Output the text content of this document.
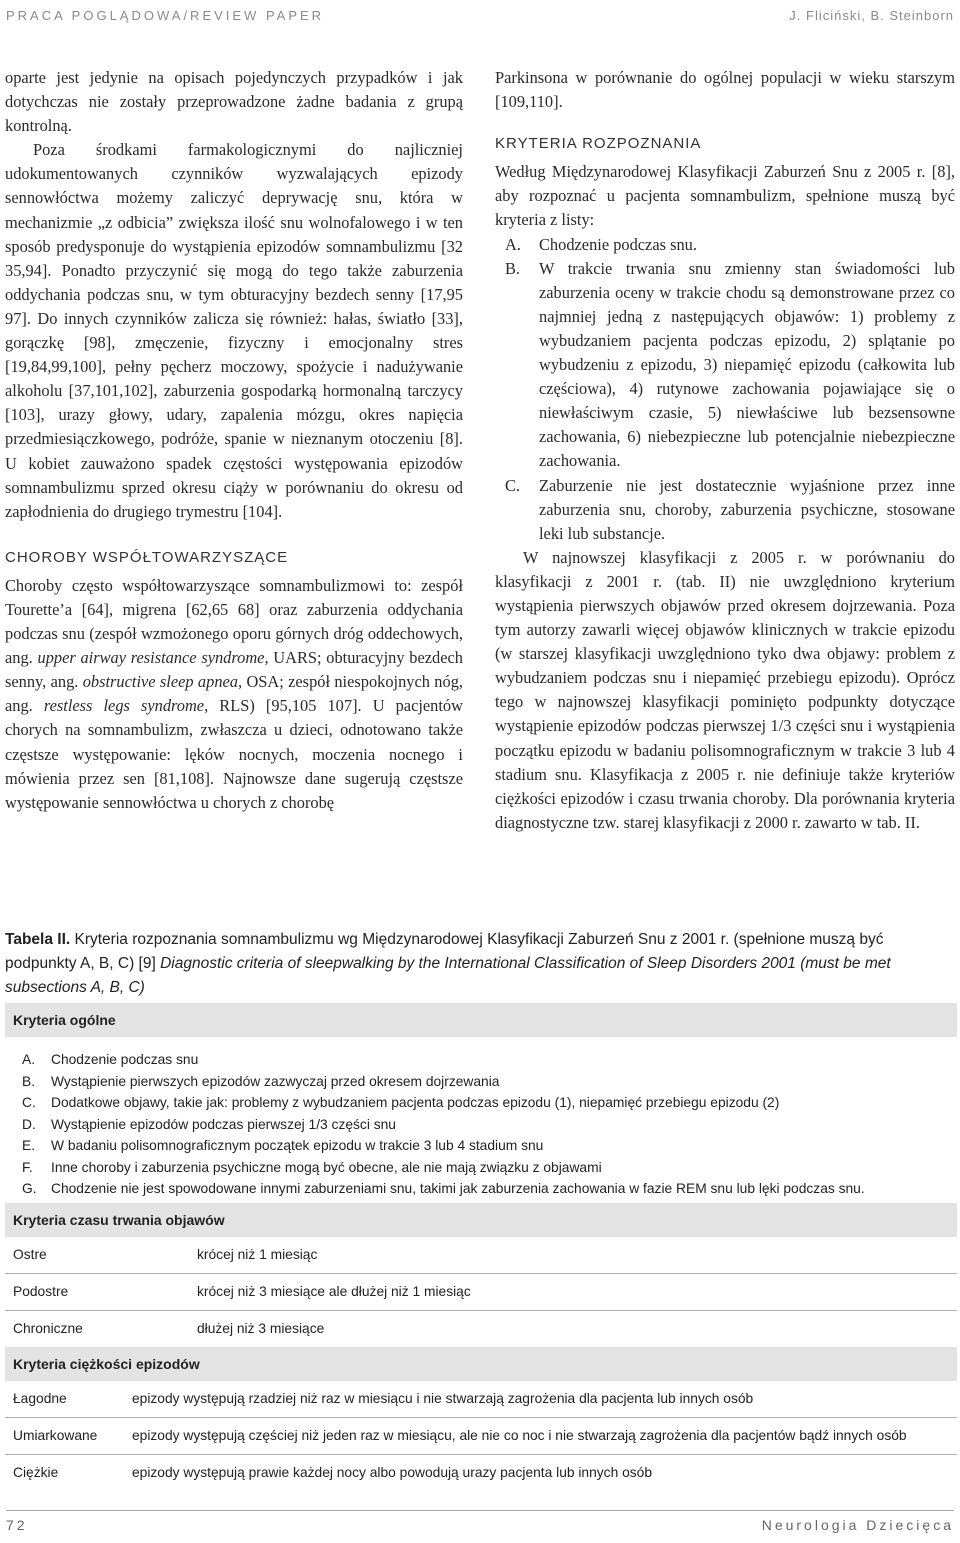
PRACA POGLĄDOWA/REVIEW PAPER	J. Fliciński, B. Steinborn

oparte jest jedynie na opisach pojedynczych przypadków i jak dotychczas nie zostały przeprowadzone żadne badania z grupą kontrolną.

Poza środkami farmakologicznymi do najliczniej udokumentowanych czynników wyzwalających epizody sennowłóctwa możemy zaliczyć deprywację snu, która w mechanizmie „z odbicia” zwiększa ilość snu wolnofalowego i w ten sposób predysponuje do wystąpienia epizodów somnambulizmu [32 35,94]. Ponadto przyczynić się mogą do tego także zaburzenia oddychania podczas snu, w tym obturacyjny bezdech senny [17,95 97]. Do innych czynników zalicza się również: hałas, światło [33], gorączkę [98], zmęczenie, fizyczny i emocjonalny stres [19,84,99,100], pełny pęcherz moczowy, spożycie i nadużywanie alkoholu [37,101,102], zaburzenia gospodarką hormonalną tarczycy [103], urazy głowy, udary, zapalenia mózgu, okres napięcia przedmiesiączkowego, podróże, spanie w nieznanym otoczeniu [8]. U kobiet zauważono spadek częstości występowania epizodów somnambulizmu sprzed okresu ciąży w porównaniu do okresu od zapłodnienia do drugiego trymestru [104].

CHOROBY WSPÓŁTOWARZYSZĄCE

Choroby często współtowarzyszące somnambulizmowi to: zespół Tourette’a [64], migrena [62,65 68] oraz zaburzenia oddychania podczas snu (zespół wzmożonego oporu górnych dróg oddechowych, ang. upper airway resistance syndrome, UARS; obturacyjny bezdech senny, ang. obstructive sleep apnea, OSA; zespół niespokojnych nóg, ang. restless legs syndrome, RLS) [95,105 107]. U pacjentów chorych na somnambulizm, zwłaszcza u dzieci, odnotowano także częstsze występowanie: lęków nocnych, moczenia nocnego i mówienia przez sen [81,108]. Najnowsze dane sugerują częstsze występowanie sennowłóctwa u chorych z chorobę

Parkinsona w porównanie do ogólnej populacji w wieku starszym [109,110].

KRYTERIA ROZPOZNANIA

Według Międzynarodowej Klasyfikacji Zaburzeń Snu z 2005 r. [8], aby rozpoznać u pacjenta somnambulizm, spełnione muszą być kryteria z listy:

A. Chodzenie podczas snu.
B. W trakcie trwania snu zmienny stan świadomości lub zaburzenia oceny w trakcie chodu są demonstrowane przez co najmniej jedną z następujących objawów: 1) problemy z wybudzaniem pacjenta podczas epizodu, 2) splątanie po wybudzeniu z epizodu, 3) niepamięć epizodu (całkowita lub częściowa), 4) rutynowe zachowania pojawiające się o niewłaściwym czasie, 5) niewłaściwe lub bezsensowne zachowania, 6) niebezpieczne lub potencjalnie niebezpieczne zachowania.
C. Zaburzenie nie jest dostatecznie wyjaśnione przez inne zaburzenia snu, choroby, zaburzenia psychiczne, stosowane leki lub substancje.

W najnowszej klasyfikacji z 2005 r. w porównaniu do klasyfikacji z 2001 r. (tab. II) nie uwzględniono kryterium wystąpienia pierwszych objawów przed okresem dojrzewania. Poza tym autorzy zawarli więcej objawów klinicznych w trakcie epizodu (w starszej klasyfikacji uwzględniono tyko dwa objawy: problem z wybudzaniem podczas snu i niepamięć przebiegu epizodu). Oprócz tego w najnowszej klasyfikacji pominięto podpunkty dotyczące wystąpienie epizodów podczas pierwszej 1/3 części snu i wystąpienia początku epizodu w badaniu polisomnograficznym w trakcie 3 lub 4 stadium snu. Klasyfikacja z 2005 r. nie definiuje także kryteriów ciężkości epizodów i czasu trwania choroby. Dla porównania kryteria diagnostyczne tzw. starej klasyfikacji z 2000 r. zawarto w tab. II.

Tabela II. Kryteria rozpoznania somnambulizmu wg Międzynarodowej Klasyfikacji Zaburzeń Snu z 2001 r. (spełnione muszą być podpunkty A, B, C) [9] Diagnostic criteria of sleepwalking by the International Classification of Sleep Disorders 2001 (must be met subsections A, B, C)
Kryteria ogólne
A. Chodzenie podczas snu
B. Wystąpienie pierwszych epizodów zazwyczaj przed okresem dojrzewania
C. Dodatkowe objawy, takie jak: problemy z wybudzaniem pacjenta podczas epizodu (1), niepamięć przebiegu epizodu (2)
D. Wystąpienie epizodów podczas pierwszej 1/3 części snu
E. W badaniu polisomnograficznym początek epizodu w trakcie 3 lub 4 stadium snu
F. Inne choroby i zaburzenia psychiczne mogą być obecne, ale nie mają związku z objawami
G. Chodzenie nie jest spowodowane innymi zaburzeniami snu, takimi jak zaburzenia zachowania w fazie REM snu lub lęki podczas snu.
Kryteria czasu trwania objawów
Ostre	krócej niż 1 miesiąc
Podostre	krócej niż 3 miesiące ale dłużej niż 1 miesiąc
Chroniczne	dłużej niż 3 miesiące
Kryteria ciężkości epizodów
Łagodne	epizody występują rzadziej niż raz w miesiącu i nie stwarzają zagrożenia dla pacjenta lub innych osób
Umiarkowane	epizody występują częściej niż jeden raz w miesiącu, ale nie co noc i nie stwarzają zagrożenia dla pacjentów bądź innych osób
Ciężkie	epizody występują prawie każdej nocy albo powodują urazy pacjenta lub innych osób
72	Neurologia Dziecięca
